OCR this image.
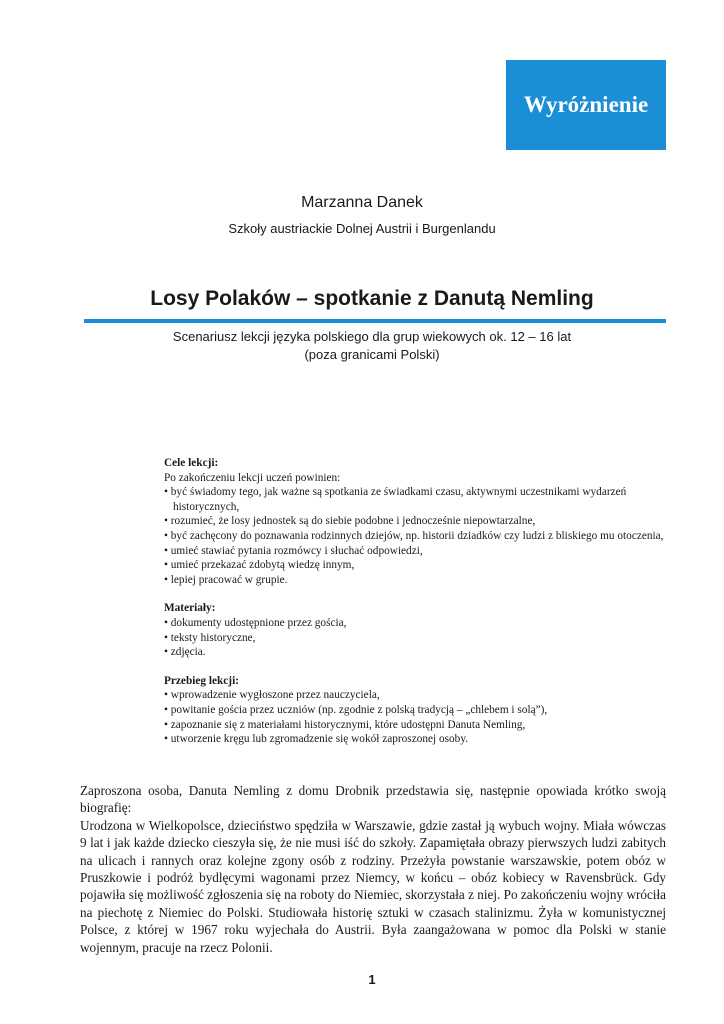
Wyróżnienie
Marzanna Danek
Szkoły austriackie Dolnej Austrii i Burgenlandu
Losy Polaków – spotkanie z Danutą Nemling
Scenariusz lekcji języka polskiego dla grup wiekowych ok. 12 – 16 lat
(poza granicami Polski)
Cele lekcji:

Po zakończeniu lekcji uczeń powinien:

• być świadomy tego, jak ważne są spotkania ze świadkami czasu, aktywnymi uczestnikami wydarzeń historycznych,
• rozumieć, że losy jednostek są do siebie podobne i jednocześnie niepowtarzalne,
• być zachęcony do poznawania rodzinnych dziejów, np. historii dziadków czy ludzi z bliskiego mu otoczenia,
• umieć stawiać pytania rozmówcy i słuchać odpowiedzi,
• umieć przekazać zdobytą wiedzę innym,
• lepiej pracować w grupie.
Materiały:
• dokumenty udostępnione przez gościa,
• teksty historyczne,
• zdjęcia.
Przebieg lekcji:
• wprowadzenie wygłoszone przez nauczyciela,
• powitanie gościa przez uczniów (np. zgodnie z polską tradycją – „chlebem i solą”),
• zapoznanie się z materiałami historycznymi, które udostępni Danuta Nemling,
• utworzenie kręgu lub zgromadzenie się wokół zaproszonej osoby.

Zaproszona osoba, Danuta Nemling z domu Drobnik przedstawia się, następnie opowiada krótko swoją biografię:

Urodzona w Wielkopolsce, dzieciństwo spędziła w Warszawie, gdzie zastał ją wybuch wojny. Miała wówczas 9 lat i jak każde dziecko cieszyła się, że nie musi iść do szkoły. Zapamiętała obrazy pierwszych ludzi zabitych na ulicach i rannych oraz kolejne zgony osób z rodziny. Przeżyła powstanie warszawskie, potem obóz w Pruszkowie i podróż bydlęcymi wagonami przez Niemcy, w końcu – obóz kobiecy w Ravensbrück. Gdy pojawiła się możliwość zgłoszenia się na roboty do Niemiec, skorzystała z niej. Po zakończeniu wojny wróciła na piechotę z Niemiec do Polski. Studiowała historię sztuki w czasach stalinizmu. Żyła w komunistycznej Polsce, z której w 1967 roku wyjechała do Austrii. Była zaangażowana w pomoc dla Polski w stanie wojennym, pracuje na rzecz Polonii.

1
